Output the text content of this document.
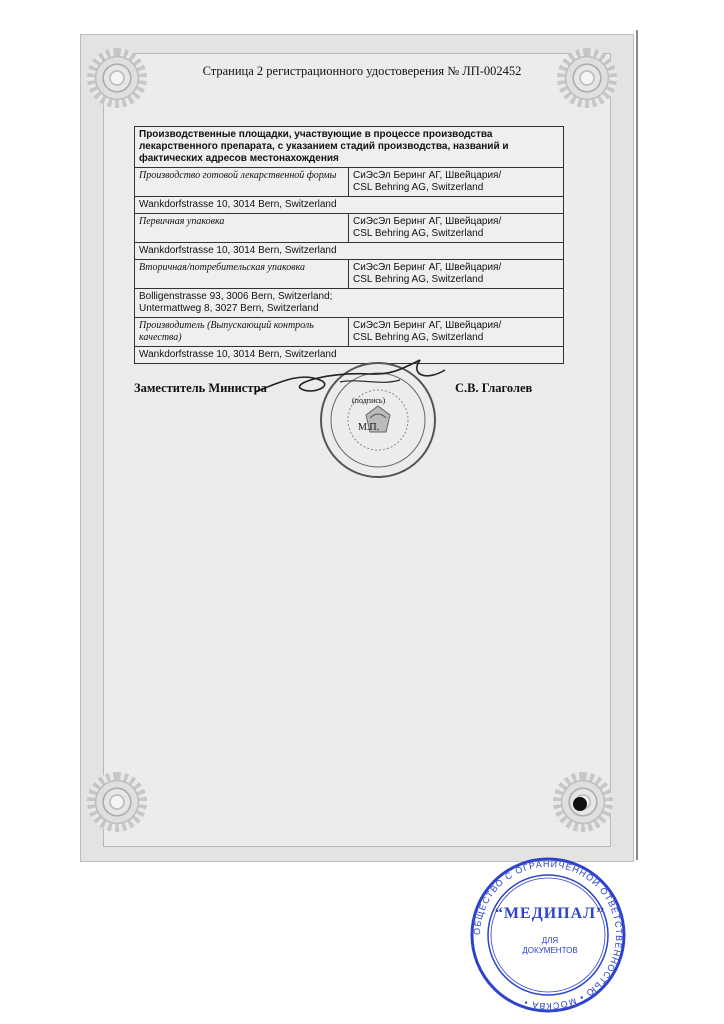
Страница 2 регистрационного удостоверения № ЛП-002452
Производственные площадки, участвующие в процессе производства лекарственного препарата, с указанием стадий производства, названий и фактических адресов местонахождения	
Производство готовой лекарственной формы	СиЭсЭл Беринг АГ, Швейцария/
CSL Behring AG, Switzerland

Wankdorfstrasse 10, 3014 Bern, Switzerland	
Первичная упаковка	СиЭсЭл Беринг АГ, Швейцария/
CSL Behring AG, Switzerland

Wankdorfstrasse 10, 3014 Bern, Switzerland	
Вторичная/потребительская упаковка	СиЭсЭл Беринг АГ, Швейцария/
CSL Behring AG, Switzerland

Bolligenstrasse 93, 3006 Bern, Switzerland;
Untermattweg 8, 3027 Bern, Switzerland	

Производитель (Выпускающий контроль качества)	СиЭсЭл Беринг АГ, Швейцария/
CSL Behring AG, Switzerland

Wankdorfstrasse 10, 3014 Bern, Switzerland	
(подпись)
М.П.
Заместитель Министра	С.В. Глаголев
ОБЩЕСТВО С ОГРАНИЧЕННОЙ ОТВЕТСТВЕННОСТЬЮ • МОСКВА •
“МЕДИПАЛ”
ДЛЯ
ДОКУМЕНТОВ
